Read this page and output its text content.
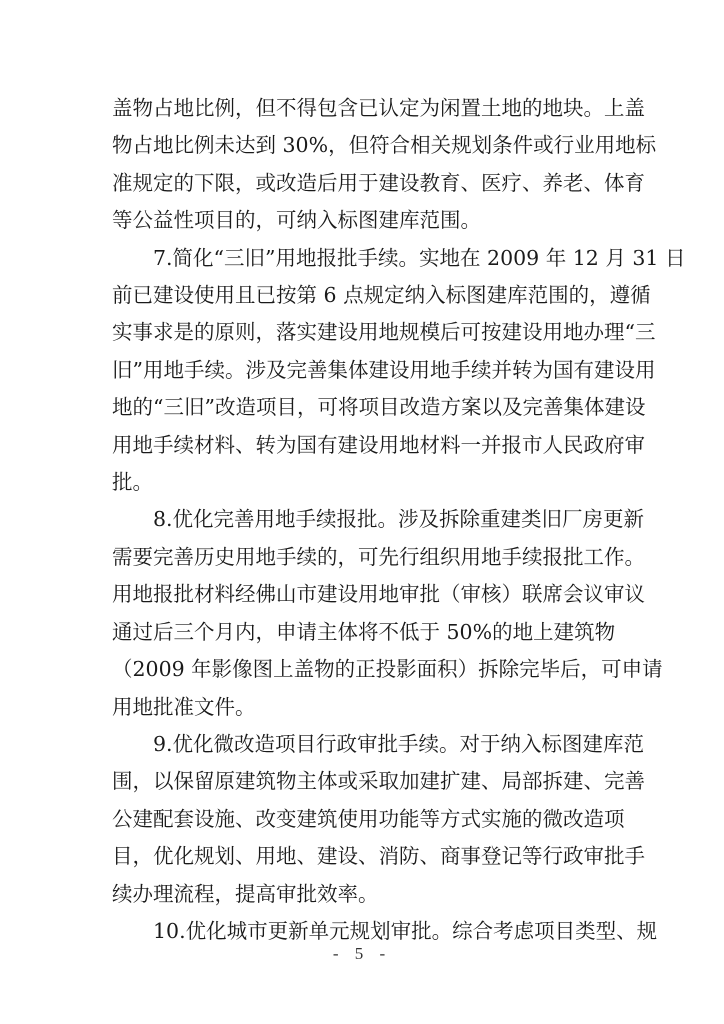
盖物占地比例，但不得包含已认定为闲置土地的地块。上盖
物占地比例未达到 30%，但符合相关规划条件或行业用地标
准规定的下限，或改造后用于建设教育、医疗、养老、体育
等公益性项目的，可纳入标图建库范围。

7.简化“三旧”用地报批手续。实地在 2009 年 12 月 31 日
前已建设使用且已按第 6 点规定纳入标图建库范围的，遵循
实事求是的原则，落实建设用地规模后可按建设用地办理“三
旧”用地手续。涉及完善集体建设用地手续并转为国有建设用
地的“三旧”改造项目，可将项目改造方案以及完善集体建设
用地手续材料、转为国有建设用地材料一并报市人民政府审
批。

8.优化完善用地手续报批。涉及拆除重建类旧厂房更新
需要完善历史用地手续的，可先行组织用地手续报批工作。
用地报批材料经佛山市建设用地审批（审核）联席会议审议
通过后三个月内，申请主体将不低于 50%的地上建筑物
（2009 年影像图上盖物的正投影面积）拆除完毕后，可申请
用地批准文件。

9.优化微改造项目行政审批手续。对于纳入标图建库范
围，以保留原建筑物主体或采取加建扩建、局部拆建、完善
公建配套设施、改变建筑使用功能等方式实施的微改造项
目，优化规划、用地、建设、消防、商事登记等行政审批手
续办理流程，提高审批效率。

10.优化城市更新单元规划审批。综合考虑项目类型、规

- 5 -
